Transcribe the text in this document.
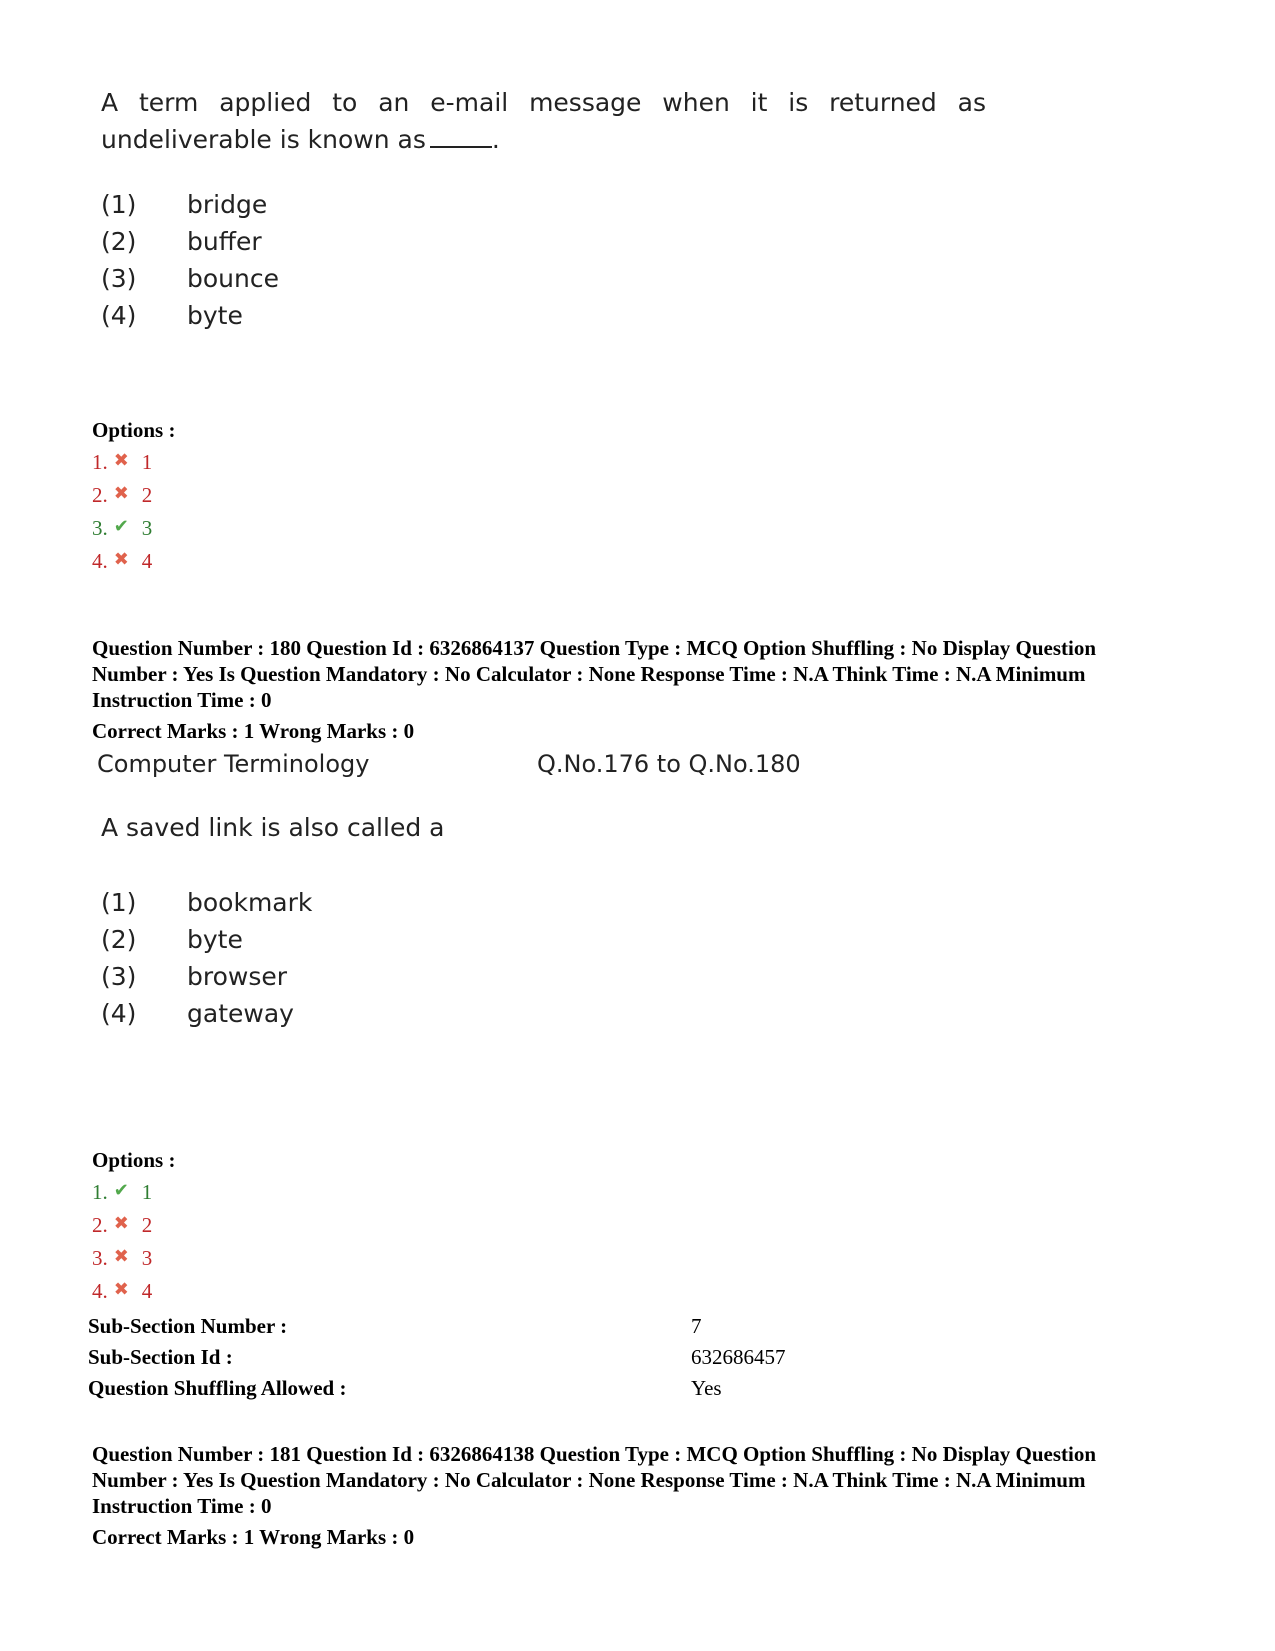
A term applied to an e-mail message when it is returned as undeliverable is known as	.
(1) bridge
(2) buffer
(3) bounce
(4) byte
Options :
1. ✖ 1
2. ✖ 2
3. ✔ 3
4. ✖ 4
Question Number : 180 Question Id : 6326864137 Question Type : MCQ Option Shuffling : No Display Question
Number : Yes Is Question Mandatory : No Calculator : None Response Time : N.A Think Time : N.A Minimum
Instruction Time : 0
Correct Marks : 1 Wrong Marks : 0
Computer Terminology	Q.No.176 to Q.No.180
A saved link is also called a
(1) bookmark
(2) byte
(3) browser
(4) gateway
Options :
1. ✔ 1
2. ✖ 2
3. ✖ 3
4. ✖ 4
Sub-Section Number :	7
Sub-Section Id :	632686457
Question Shuffling Allowed :	Yes
Question Number : 181 Question Id : 6326864138 Question Type : MCQ Option Shuffling : No Display Question
Number : Yes Is Question Mandatory : No Calculator : None Response Time : N.A Think Time : N.A Minimum
Instruction Time : 0
Correct Marks : 1 Wrong Marks : 0
